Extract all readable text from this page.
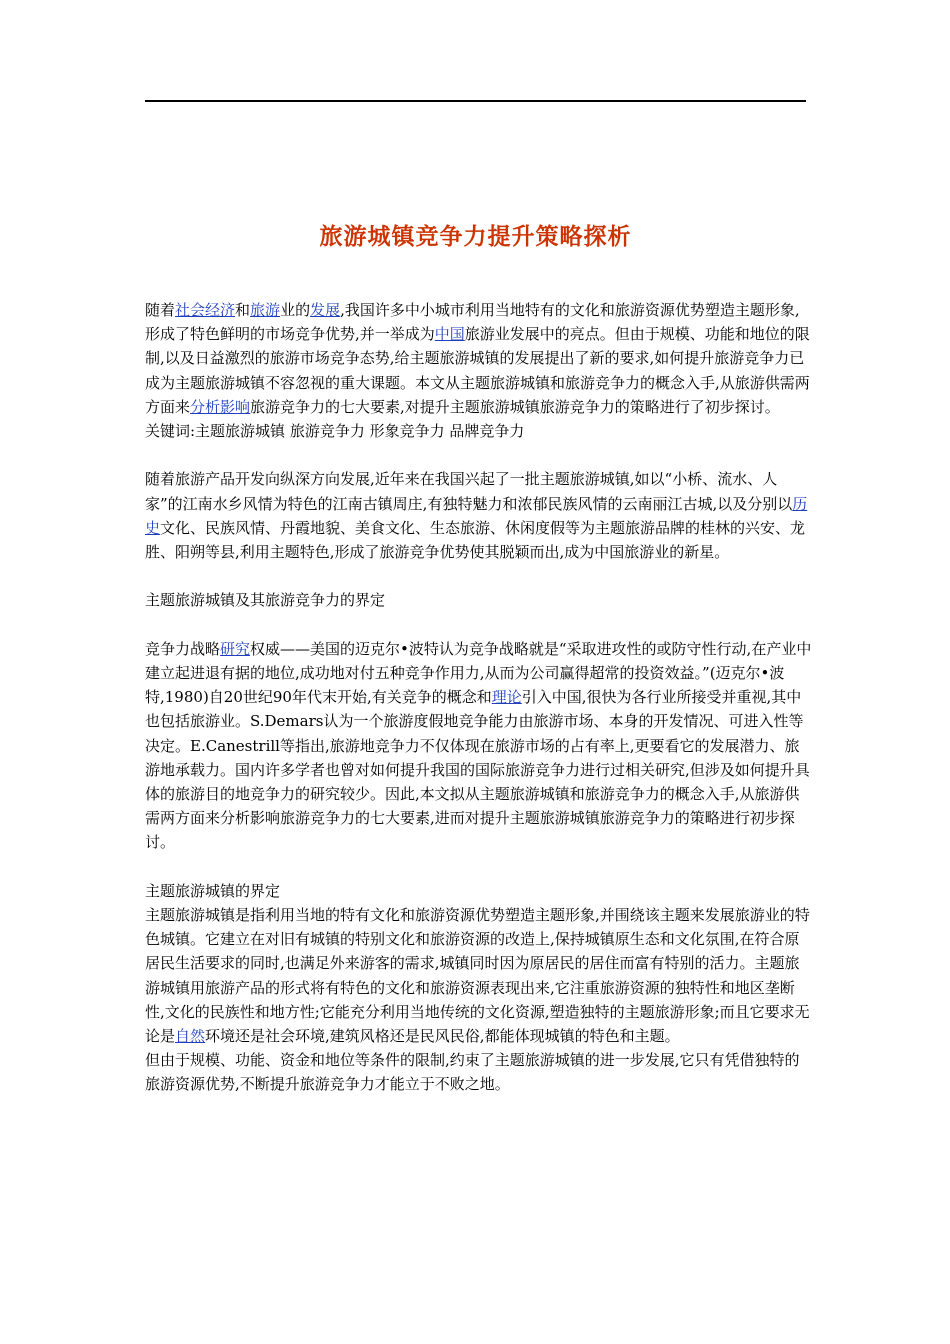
旅游城镇竞争力提升策略探析

随着社会经济和旅游业的发展,我国许多中小城市利用当地特有的文化和旅游资源优势塑造主题形象,形成了特色鲜明的市场竞争优势,并一举成为中国旅游业发展中的亮点。但由于规模、功能和地位的限制,以及日益激烈的旅游市场竞争态势,给主题旅游城镇的发展提出了新的要求,如何提升旅游竞争力已成为主题旅游城镇不容忽视的重大课题。本文从主题旅游城镇和旅游竞争力的概念入手,从旅游供需两方面来分析影响旅游竞争力的七大要素,对提升主题旅游城镇旅游竞争力的策略进行了初步探讨。

关键词:主题旅游城镇 旅游竞争力 形象竞争力 品牌竞争力

随着旅游产品开发向纵深方向发展,近年来在我国兴起了一批主题旅游城镇,如以“小桥、流水、人家”的江南水乡风情为特色的江南古镇周庄,有独特魅力和浓郁民族风情的云南丽江古城,以及分别以历史文化、民族风情、丹霞地貌、美食文化、生态旅游、休闲度假等为主题旅游品牌的桂林的兴安、龙胜、阳朔等县,利用主题特色,形成了旅游竞争优势使其脱颖而出,成为中国旅游业的新星。

主题旅游城镇及其旅游竞争力的界定

竞争力战略研究权威——美国的迈克尔•波特认为竞争战略就是“采取进攻性的或防守性行动,在产业中建立起进退有据的地位,成功地对付五种竞争作用力,从而为公司赢得超常的投资效益。”(迈克尔•波特,1980)自20世纪90年代末开始,有关竞争的概念和理论引入中国,很快为各行业所接受并重视,其中也包括旅游业。S.Demars认为一个旅游度假地竞争能力由旅游市场、本身的开发情况、可进入性等决定。E.Canestrill等指出,旅游地竞争力不仅体现在旅游市场的占有率上,更要看它的发展潜力、旅游地承载力。国内许多学者也曾对如何提升我国的国际旅游竞争力进行过相关研究,但涉及如何提升具体的旅游目的地竞争力的研究较少。因此,本文拟从主题旅游城镇和旅游竞争力的概念入手,从旅游供需两方面来分析影响旅游竞争力的七大要素,进而对提升主题旅游城镇旅游竞争力的策略进行初步探讨。

主题旅游城镇的界定

主题旅游城镇是指利用当地的特有文化和旅游资源优势塑造主题形象,并围绕该主题来发展旅游业的特色城镇。它建立在对旧有城镇的特别文化和旅游资源的改造上,保持城镇原生态和文化氛围,在符合原居民生活要求的同时,也满足外来游客的需求,城镇同时因为原居民的居住而富有特别的活力。主题旅游城镇用旅游产品的形式将有特色的文化和旅游资源表现出来,它注重旅游资源的独特性和地区垄断性,文化的民族性和地方性;它能充分利用当地传统的文化资源,塑造独特的主题旅游形象;而且它要求无论是自然环境还是社会环境,建筑风格还是民风民俗,都能体现城镇的特色和主题。

但由于规模、功能、资金和地位等条件的限制,约束了主题旅游城镇的进一步发展,它只有凭借独特的旅游资源优势,不断提升旅游竞争力才能立于不败之地。
